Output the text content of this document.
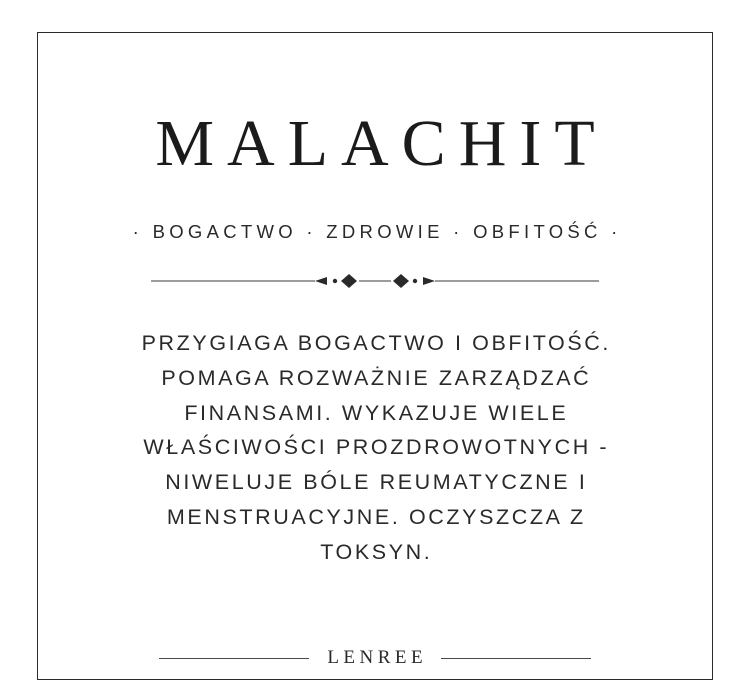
MALACHIT
· BOGACTWO · ZDROWIE · OBFITOŚĆ ·
PRZYGIAGA BOGACTWO I OBFITOŚĆ.
POMAGA ROZWAŻNIE ZARZĄDZAĆ
FINANSAMI. WYKAZUJE WIELE
WŁAŚCIWOŚCI PROZDROWOTNYCH -
NIWELUJE BÓLE REUMATYCZNE I
MENSTRUACYJNE. OCZYSZCZA Z
TOKSYN.
LENREE
